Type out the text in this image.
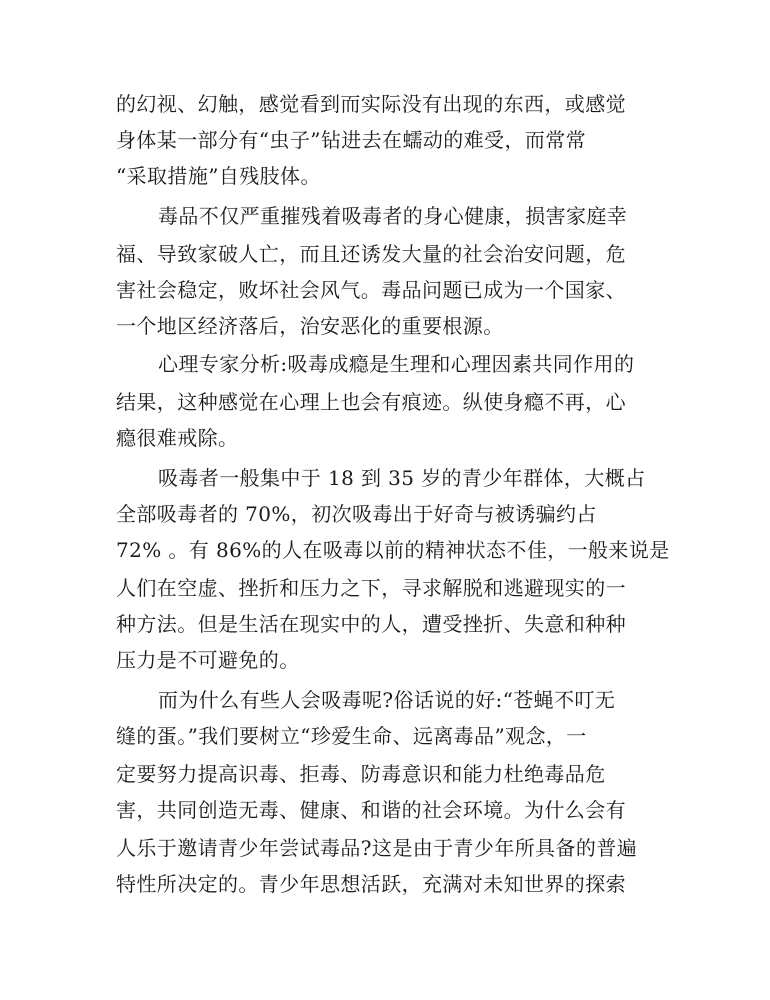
的幻视、幻触，感觉看到而实际没有出现的东西，或感觉
身体某一部分有“虫子”钻进去在蠕动的难受，而常常
“采取措施”自残肢体。
毒品不仅严重摧残着吸毒者的身心健康，损害家庭幸
福、导致家破人亡，而且还诱发大量的社会治安问题，危
害社会稳定，败坏社会风气。毒品问题已成为一个国家、
一个地区经济落后，治安恶化的重要根源。
心理专家分析:吸毒成瘾是生理和心理因素共同作用的
结果，这种感觉在心理上也会有痕迹。纵使身瘾不再，心
瘾很难戒除。
吸毒者一般集中于 18 到 35 岁的青少年群体，大概占
全部吸毒者的 70%，初次吸毒出于好奇与被诱骗约占
72% 。有 86%的人在吸毒以前的精神状态不佳，一般来说是
人们在空虚、挫折和压力之下，寻求解脱和逃避现实的一
种方法。但是生活在现实中的人，遭受挫折、失意和种种
压力是不可避免的。
而为什么有些人会吸毒呢?俗话说的好:“苍蝇不叮无
缝的蛋。”我们要树立“珍爱生命、远离毒品”观念，一
定要努力提高识毒、拒毒、防毒意识和能力杜绝毒品危
害，共同创造无毒、健康、和谐的社会环境。为什么会有
人乐于邀请青少年尝试毒品?这是由于青少年所具备的普遍
特性所决定的。青少年思想活跃，充满对未知世界的探索
